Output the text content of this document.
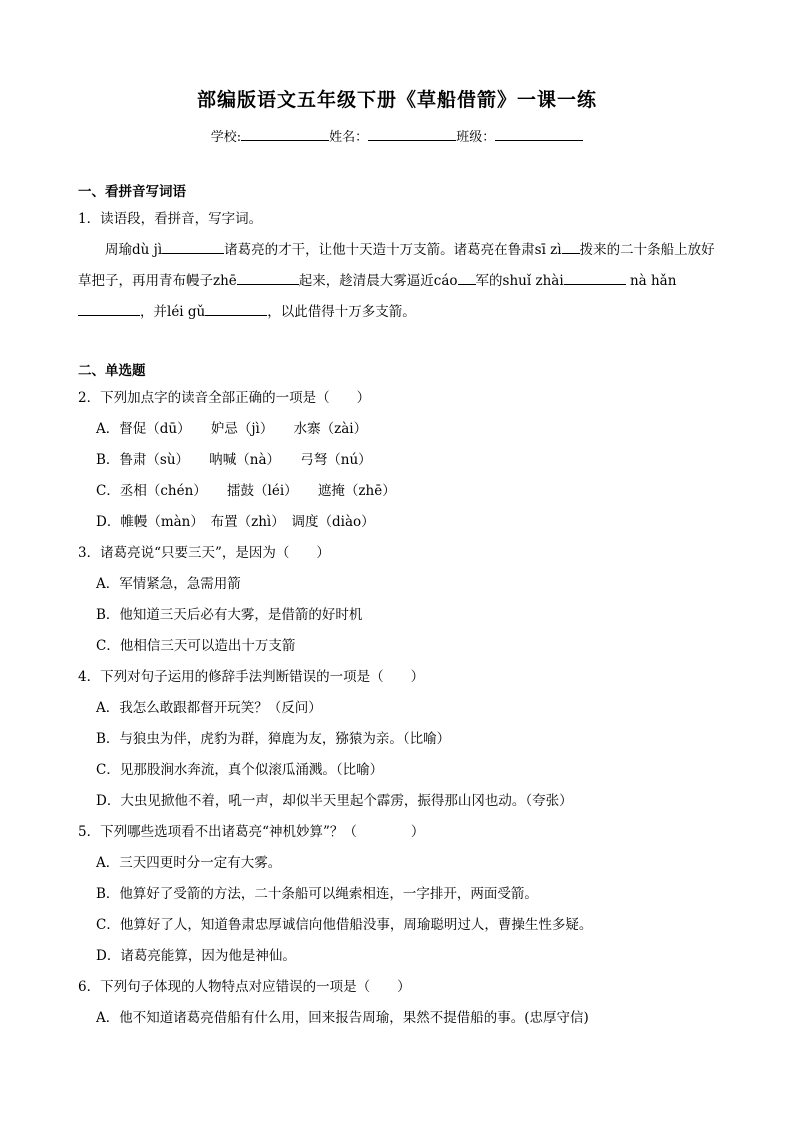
部编版语文五年级下册《草船借箭》一课一练
学校:	姓名：	班级：
一、看拼音写词语
1．读语段，看拼音，写字词。
周瑜dù jì	诸葛亮的才干，让他十天造十万支箭。诸葛亮在鲁肃sī zì 拨来的二十条船上放好草把子，再用青布幔子zhē	起来，趁清晨大雾逼近cáo 军的shuǐ zhài	nà hǎn，并léi gǔ	，以此借得十万多支箭。
二、单选题
2．下列加点字的读音全部正确的一项是（　　）
A．督促（dū）　　妒忌（jì）　　水寨（zài）
B．鲁肃（sù）　　呐喊（nà）　　弓弩（nú）
C．丞相（chén）　　擂鼓（léi）　　遮掩（zhē）
D．帷幔（màn）　布置（zhì）　调度（diào）
3．诸葛亮说“只要三天”，是因为（　　）
A．军情紧急，急需用箭
B．他知道三天后必有大雾，是借箭的好时机
C．他相信三天可以造出十万支箭
4．下列对句子运用的修辞手法判断错误的一项是（　　）
A．我怎么敢跟都督开玩笑？（反问）
B．与狼虫为伴，虎豹为群，獐鹿为友，猕猿为亲。（比喻）
C．见那股涧水奔流，真个似滚瓜涌溅。（比喻）
D．大虫见掀他不着，吼一声，却似半天里起个霹雳，振得那山冈也动。（夸张）
5．下列哪些选项看不出诸葛亮“神机妙算”？（　　　　）
A．三天四更时分一定有大雾。
B．他算好了受箭的方法，二十条船可以绳索相连，一字排开，两面受箭。
C．他算好了人，知道鲁肃忠厚诚信向他借船没事，周瑜聪明过人，曹操生性多疑。
D．诸葛亮能算，因为他是神仙。
6．下列句子体现的人物特点对应错误的一项是（　　）
A．他不知道诸葛亮借船有什么用，回来报告周瑜，果然不提借船的事。(忠厚守信)
